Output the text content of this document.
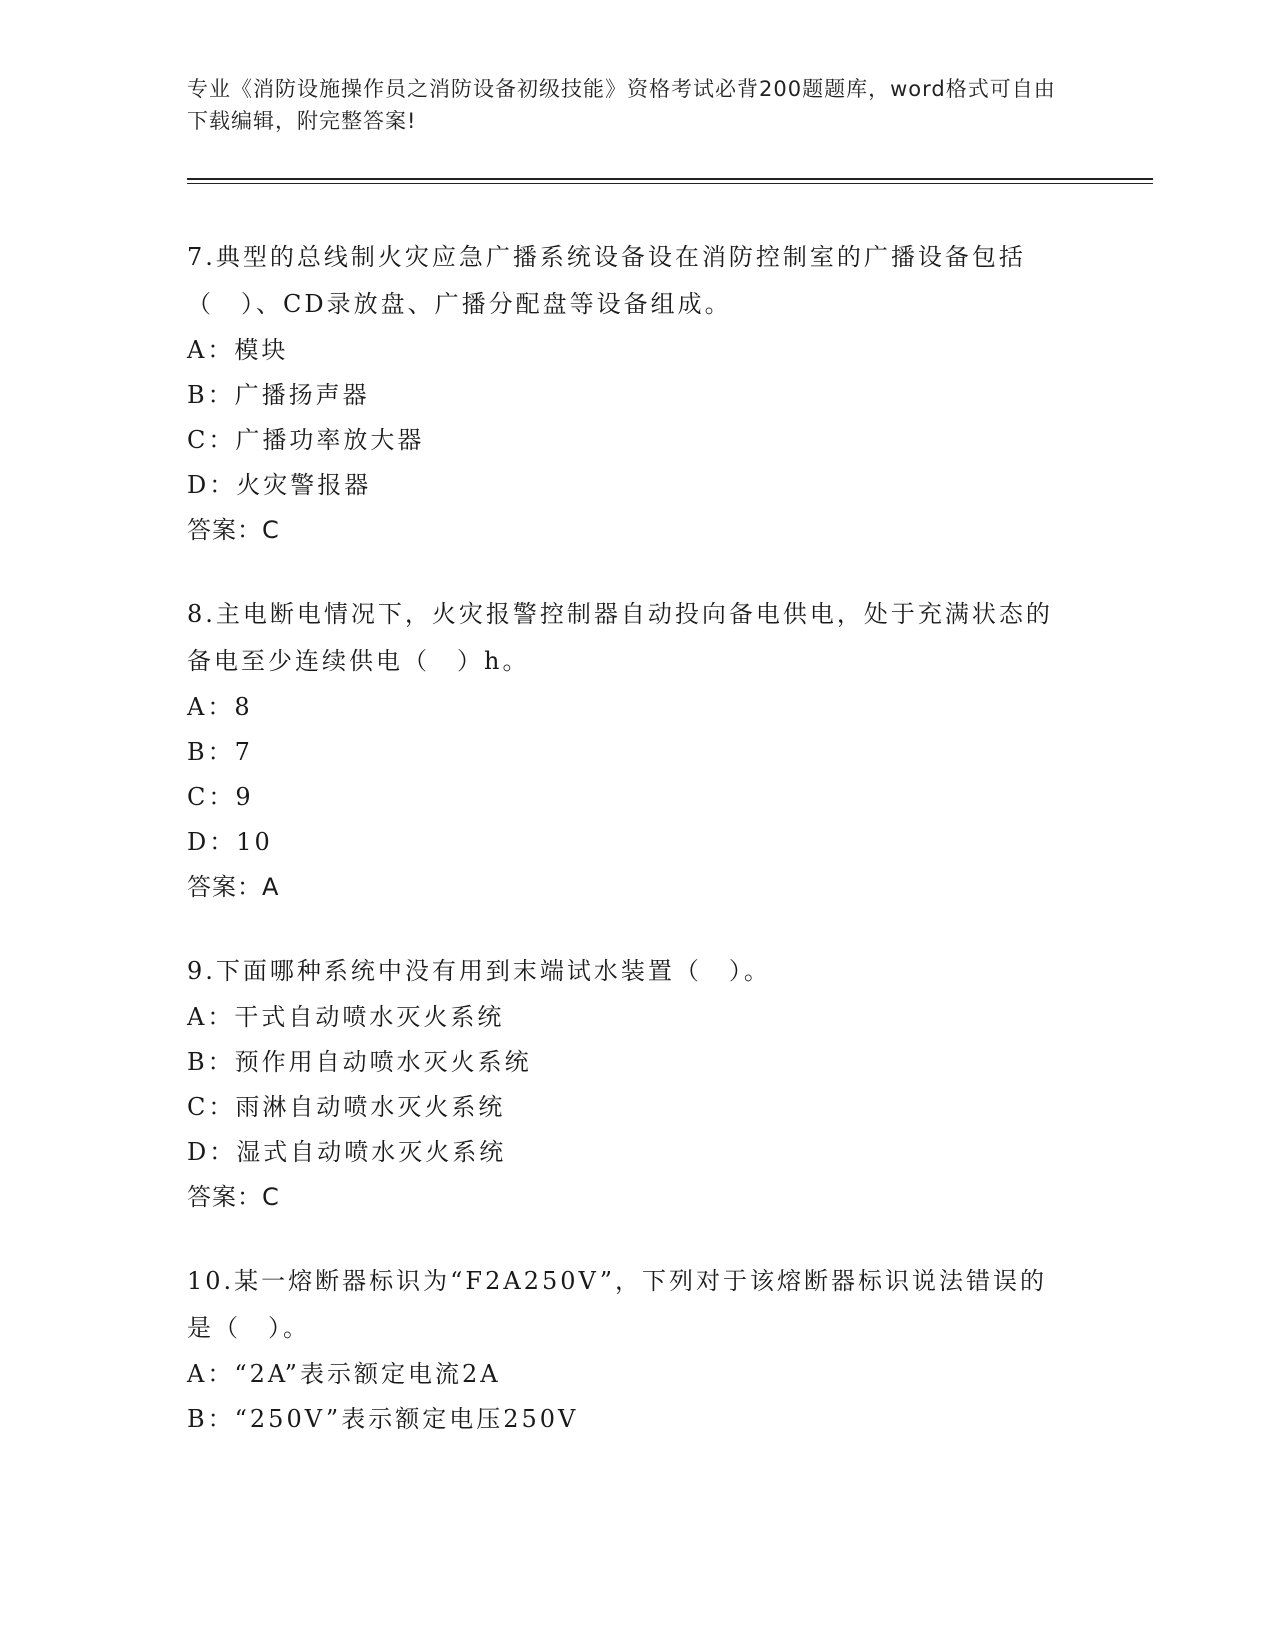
专业《消防设施操作员之消防设备初级技能》资格考试必背200题题库，word格式可自由下载编辑，附完整答案!

7.典型的总线制火灾应急广播系统设备设在消防控制室的广播设备包括（　）、CD录放盘、广播分配盘等设备组成。

A：模块

B：广播扬声器

C：广播功率放大器

D：火灾警报器

答案：C

8.主电断电情况下，火灾报警控制器自动投向备电供电，处于充满状态的备电至少连续供电（　）h。

A：8

B：7

C：9

D：10

答案：A

9.下面哪种系统中没有用到末端试水装置（　）。

A：干式自动喷水灭火系统

B：预作用自动喷水灭火系统

C：雨淋自动喷水灭火系统

D：湿式自动喷水灭火系统

答案：C

10.某一熔断器标识为“F2A250V”，下列对于该熔断器标识说法错误的是（　）。

A：“2A”表示额定电流2A

B：“250V”表示额定电压250V
